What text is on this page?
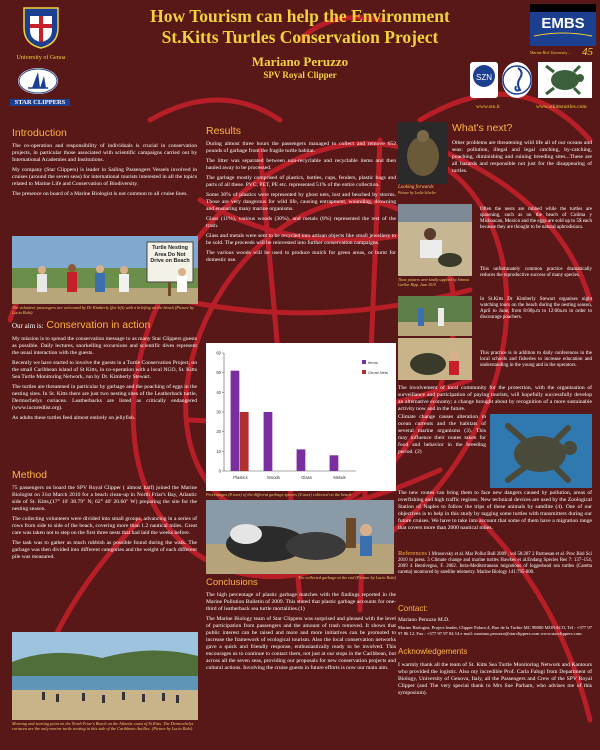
How Tourism can help the Environment
St.Kitts Turtles Conservation Project
Mariano Peruzzo
SPV Royal Clipper
University of Genoa
STAR CLIPPERS
EMBS
45
Marine Biol University ...
SZN
www.stn.it	www.stkittsturtles.com
Introduction

The co-operation and responsibility of individuals is crucial in conservation projects, in particular those associated with scientific campaigns carried out by International Academies and Institutions.

My company (Star Clippers) is leader in Sailing Passengers Vessels involved in cruises (around the seven seas) for international tourists interested in all the topics related to Marine Life and Conservation of Biodiversity.

The presence on board of a Marine Biologist is not common to all cruise lines.

Turtle Nesting Area Do Not Drive on Beach
The volunteer passengers are welcomed by Dr Kimberly (far left) with a briefing on the beach (Picture by Lucio Rubi)
Our aim is: Conservation in action

My mission is to spread the conservation message to as many Star Clippers guests as possible. Daily lectures, snorkelling excursions and scientific dives represent the usual interaction with the guests.

Recently we have started to involve the guests in a Turtle Conservation Project, on the small Caribbean island of St Kitts, in co-operation with a local NGO, St. Kitts Sea Turtle Monitoring Network, run by Dr. Kimberly Stewart.

The turtles are threatened in particular by garbage and the poaching of eggs in the nesting sites. In St. Kitts there are just two nesting sites of the Leatherback turtle, Dermochelys coriacea. Leatherbacks are listed as critically endangered (www.iucnredlist.org).

As adults these turtles feed almost entirely on jellyfish.

Method

75 passengers on board the SPV Royal Clipper ( almost half) joined the Marine Biologist on 31st March 2010 for a beach clean-up in North Friar's Bay, Atlantic side of St. Kitts,(17° 16' 38.79" N; 62° 40' 20.60" W) preparing the site for the nesting season.

The collecting volunteers were divided into small groups, advancing in a series of rows from side to side of the beach, covering more than 1.2 nautical miles. Great care was taken not to step on the first three nests that had laid the weeks before.

The task was to gather as much rubbish as possible found during the walk. The garbage was then divided into different categories and the weight of each different pile was measured.

Morning and starting point on the North Friar's Beach on the Atlantic coast of St.Kitts. The Dermochelys coriacea are the only marine turtle nesting in this side of the Caribbean Antilles. (Picture by Lucio Rubi)
Results

During almost three hours the passengers managed to collect and remove 652 pounds of garbage from the fragile turtle habitat.

The litter was separated between non-recyclable and recyclable items and then hauled away to be processed.

The garbage mostly comprised of plastics, bottles, cups, fenders, plastic bags and parts of all these. PVC, PET, PE etc. represented 51% of the entire collection.

Some 30% of plastics were represented by ghost nets, lost and beached by storms. Those are very dangerous for wild life, causing entrapment, wounding, drowning and ensnaring many marine organisms.

Glass (11%), various woods (30%), and metals (8%) represented the rest of the trash.

Glass and metals were sent to be recycled into artisan objects like small jewellery to be sold. The proceeds will be reinvested into further conservation campaigns.

The various woods will be used to produce mulch for green areas, or burnt for domestic use.

0
10
20
30
40
50
60
Plastics	Woods	Glass	Metals
Items
Ghost Nets
Percentages (8 axes) of the different garbage species (4 axes) collected on the beach
The collected garbage at the end (Picture by Lucio Rubi)
Conclusions

The high percentage of plastic garbage matches with the findings reported in the Marine Pollution Bulletin of 2009. This stated that plastic garbage accounts for one-third of leatherback sea turtle mortalities.(1)

The Marine Biology team of Star Clippers was surprised and pleased with the level of participation from passengers and the amount of trash removed. It shows that public interest can be raised and more and more initiatives can be promoted to increase the framework of ecological tourism. Also the local conservation networks gave a quick and friendly response, enthusiastically ready to be involved. This encourages us to continue to contact them, not just at our stops in the Caribbean, but across all the seven seas, providing our proposals for new conservation projects and cultural actions. Involving the cruise guests in future efforts is now our main aim.

Looking forwards
Picture by Leslie Scheler
What's next?
Other problems are threatening wild life all of our oceans and seas: pollution, illegal and legal catching, by-catching, poaching, diminishing and ruining breeding sites...These are all hazards and responsible not just for the disappearing of turtles.
These pictures were kindly supplied by Simona Cuellar Hipp, June 2010
Often the nests are robbed while the turtles are spawning, such as on the beach of Colima y Michoacan, Mexico and the eggs are sold up to 5$ each because they are thought to be natural aphrodisiacs.
This unfortunately common practice dramatically reduces the reproductive success of many species.
In St.Kitts Dr Kimberly Stewart organises night watching tours on the beach during the nesting season, April to June, from 8:00p.m to 12:00a.m in order to discourage poachers.
This practice is in addition to daily conferences in the local schools and fisheries to increase education and understanding in the young and in the operators.
The involvement of local community for the protection, with the organisation of surveillance and participation of paying tourists, will hopefully successfully develop an alternative economy; a change brought about by recognition of a more sustainable activity now and in the future.
Climate change causes alteration in ocean currents and the habitats of several marine organisms (3). This may influence their routes taken for food and behavior in the breeding period. (2)
The new routes can bring them to face new dangers caused by pollution, areas of overfishing and high traffic regions. New technical devices are used by the Zoological Station of Naples to follow the trips of these animals by satellite (4). One of our objectives is to help in this study by tagging some turtles with transmitters during our future cruises. We have to take into account that some of them have a migration range that covers more than 2000 nautical miles.
References 1 Mrosovsky et al. Mar Pollut Bull 2009 , vol 58:287 2 Parmesan et al. Proc Biol Sci 2010 in press. 3 Climate change and marine turtles Hawkes et al.Endang Species Res 7: 137–154, 2009 4 Bentivegna, F. 2002. Intra-Mediterranean migrations of loggerhead sea turtles (Caretta caretta) monitored by satellite telemetry. Marine Biology 141:795-800.
Contact:
Mariano Peruzzo M.D.
Marine Biologist, Project leader, Clipper Palace,4, Rue de la Turbie MC 98000 MONACO, Tel : +377 97 97 86 12, Fax : +377 97 97 84 14 e mail: mariano.peruzzo@starclippers.com www.starclippers.com
Acknowledgements
I warmly thank all the team of St. Kitts Sea Turtle Monitoring Network and Kantours who provided the logistic. Also my incredible Prof. Carla Falugi from Department of Biology, University of Genova, Italy, all the Passengers and Crew of the SPV Royal Clipper (and The very special thank to Mrs Sue Parham, who advises me of this symposium).
